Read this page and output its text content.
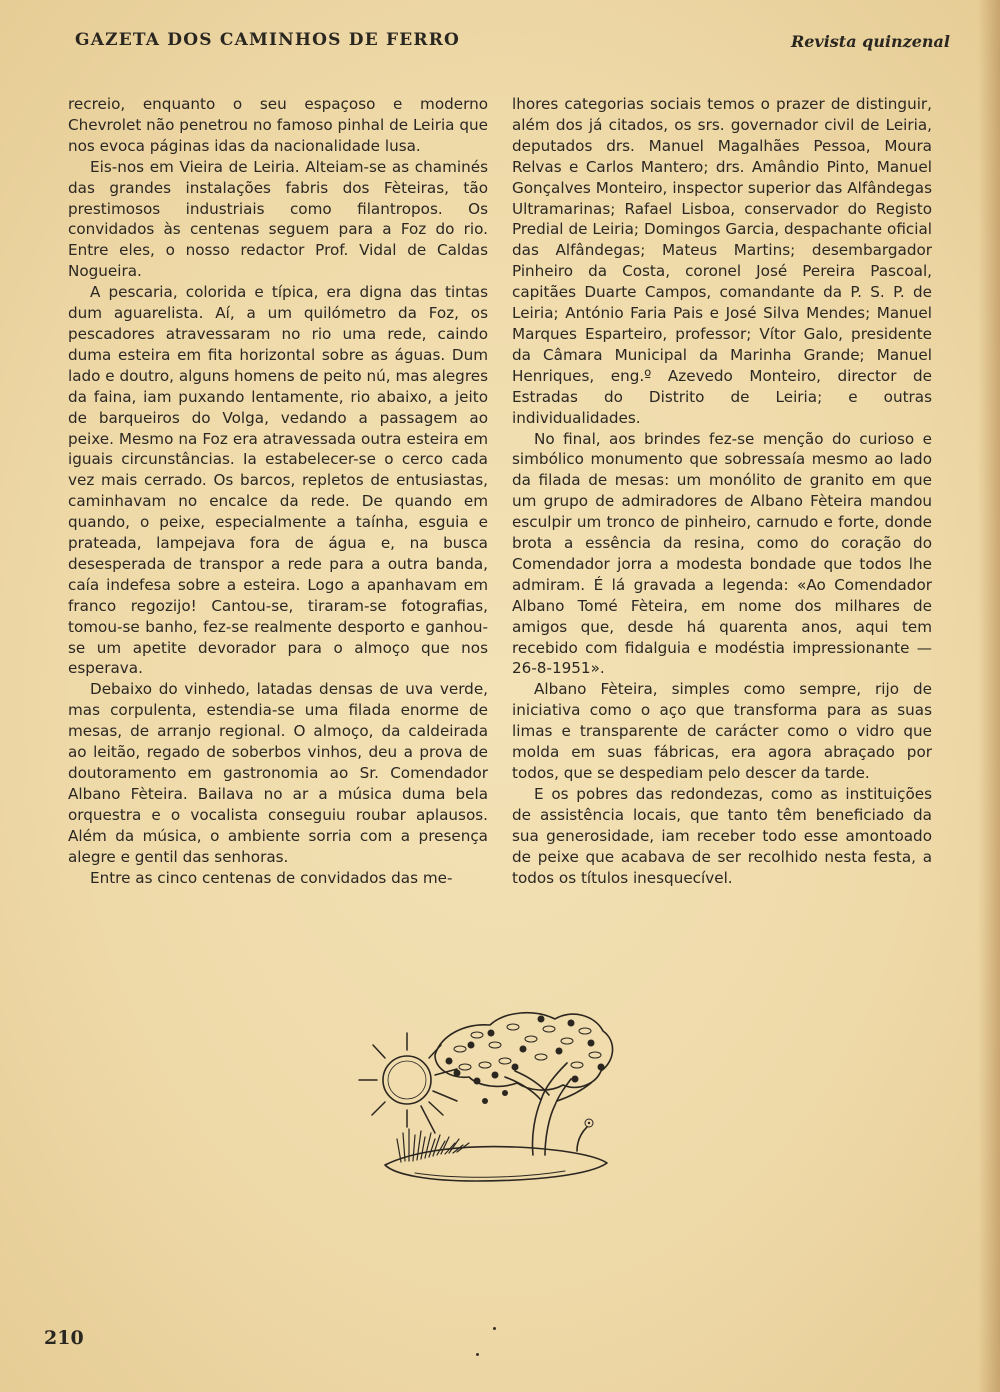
GAZETA DOS CAMINHOS DE FERRO	Revista quinzenal

recreio, enquanto o seu espaçoso e moderno Chevrolet não penetrou no famoso pinhal de Leiria que nos evoca páginas idas da nacionalidade lusa.

Eis-nos em Vieira de Leiria. Alteiam-se as chaminés das grandes instalações fabris dos Fèteiras, tão prestimosos industriais como filantropos. Os convidados às centenas seguem para a Foz do rio. Entre eles, o nosso redactor Prof. Vidal de Caldas Nogueira.

A pescaria, colorida e típica, era digna das tintas dum aguarelista. Aí, a um quilómetro da Foz, os pescadores atravessaram no rio uma rede, caindo duma esteira em fita horizontal sobre as águas. Dum lado e doutro, alguns homens de peito nú, mas alegres da faina, iam puxando lentamente, rio abaixo, a jeito de barqueiros do Volga, vedando a passagem ao peixe. Mesmo na Foz era atravessada outra esteira em iguais circunstâncias. Ia estabelecer-se o cerco cada vez mais cerrado. Os barcos, repletos de entusiastas, caminhavam no encalce da rede. De quando em quando, o peixe, especialmente a taínha, esguia e prateada, lampejava fora de água e, na busca desesperada de transpor a rede para a outra banda, caía indefesa sobre a esteira. Logo a apanhavam em franco regozijo! Cantou-se, tiraram-se fotografias, tomou-se banho, fez-se realmente desporto e ganhou-se um apetite devorador para o almoço que nos esperava.

Debaixo do vinhedo, latadas densas de uva verde, mas corpulenta, estendia-se uma filada enorme de mesas, de arranjo regional. O almoço, da caldeirada ao leitão, regado de soberbos vinhos, deu a prova de doutoramento em gastronomia ao Sr. Comendador Albano Fèteira. Bailava no ar a música duma bela orquestra e o vocalista conseguiu roubar aplausos. Além da música, o ambiente sorria com a presença alegre e gentil das senhoras.

Entre as cinco centenas de convidados das me-

lhores categorias sociais temos o prazer de distinguir, além dos já citados, os srs. governador civil de Leiria, deputados drs. Manuel Magalhães Pessoa, Moura Relvas e Carlos Mantero; drs. Amândio Pinto, Manuel Gonçalves Monteiro, inspector superior das Alfândegas Ultramarinas; Rafael Lisboa, conservador do Registo Predial de Leiria; Domingos Garcia, despachante oficial das Alfândegas; Mateus Martins; desembargador Pinheiro da Costa, coronel José Pereira Pascoal, capitães Duarte Campos, comandante da P. S. P. de Leiria; António Faria Pais e José Silva Mendes; Manuel Marques Esparteiro, professor; Vítor Galo, presidente da Câmara Municipal da Marinha Grande; Manuel Henriques, eng.º Azevedo Monteiro, director de Estradas do Distrito de Leiria; e outras individualidades.

No final, aos brindes fez-se menção do curioso e simbólico monumento que sobressaía mesmo ao lado da filada de mesas: um monólito de granito em que um grupo de admiradores de Albano Fèteira mandou esculpir um tronco de pinheiro, carnudo e forte, donde brota a essência da resina, como do coração do Comendador jorra a modesta bondade que todos lhe admiram. É lá gravada a legenda: «Ao Comendador Albano Tomé Fèteira, em nome dos milhares de amigos que, desde há quarenta anos, aqui tem recebido com fidalguia e modéstia impressionante — 26-8-1951».

Albano Fèteira, simples como sempre, rijo de iniciativa como o aço que transforma para as suas limas e transparente de carácter como o vidro que molda em suas fábricas, era agora abraçado por todos, que se despediam pelo descer da tarde.

E os pobres das redondezas, como as instituições de assistência locais, que tanto têm beneficiado da sua generosidade, iam receber todo esse amontoado de peixe que acabava de ser recolhido nesta festa, a todos os títulos inesquecível.

210
